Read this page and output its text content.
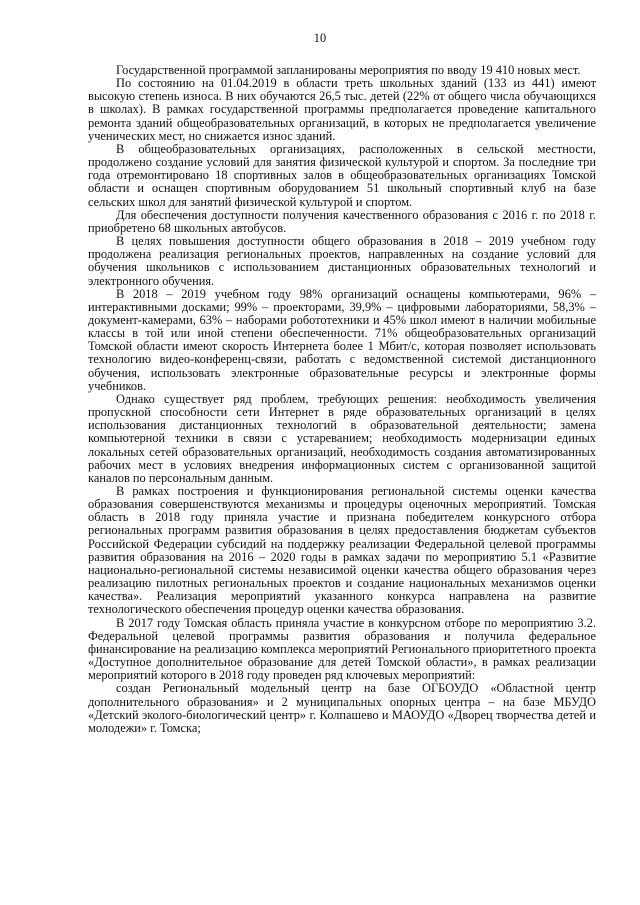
10

Государственной программой запланированы мероприятия по вводу 19 410 новых мест.

По состоянию на 01.04.2019 в области треть школьных зданий (133 из 441) имеют высокую степень износа. В них обучаются 26,5 тыс. детей (22% от общего числа обучающихся в школах). В рамках государственной программы предполагается проведение капитального ремонта зданий общеобразовательных организаций, в которых не предполагается увеличение ученических мест, но снижается износ зданий.

В общеобразовательных организациях, расположенных в сельской местности, продолжено создание условий для занятия физической культурой и спортом. За последние три года отремонтировано 18 спортивных залов в общеобразовательных организациях Томской области и оснащен спортивным оборудованием 51 школьный спортивный клуб на базе сельских школ для занятий физической культурой и спортом.

Для обеспечения доступности получения качественного образования с 2016 г. по 2018 г. приобретено 68 школьных автобусов.

В целях повышения доступности общего образования в 2018 – 2019 учебном году продолжена реализация региональных проектов, направленных на создание условий для обучения школьников с использованием дистанционных образовательных технологий и электронного обучения.

В 2018 – 2019 учебном году 98% организаций оснащены компьютерами, 96% – интерактивными досками; 99% – проекторами, 39,9% – цифровыми лабораториями, 58,3% – документ-камерами, 63% – наборами робототехники и 45% школ имеют в наличии мобильные классы в той или иной степени обеспеченности. 71% общеобразовательных организаций Томской области имеют скорость Интернета более 1 Мбит/с, которая позволяет использовать технологию видео-конференц-связи, работать с ведомственной системой дистанционного обучения, использовать электронные образовательные ресурсы и электронные формы учебников.

Однако существует ряд проблем, требующих решения: необходимость увеличения пропускной способности сети Интернет в ряде образовательных организаций в целях использования дистанционных технологий в образовательной деятельности; замена компьютерной техники в связи с устареванием; необходимость модернизации единых локальных сетей образовательных организаций, необходимость создания автоматизированных рабочих мест в условиях внедрения информационных систем с организованной защитой каналов по персональным данным.

В рамках построения и функционирования региональной системы оценки качества образования совершенствуются механизмы и процедуры оценочных мероприятий. Томская область в 2018 году приняла участие и признана победителем конкурсного отбора региональных программ развития образования в целях предоставления бюджетам субъектов Российской Федерации субсидий на поддержку реализации Федеральной целевой программы развития образования на 2016 – 2020 годы в рамках задачи по мероприятию 5.1 «Развитие национально-региональной системы независимой оценки качества общего образования через реализацию пилотных региональных проектов и создание национальных механизмов оценки качества». Реализация мероприятий указанного конкурса направлена на развитие технологического обеспечения процедур оценки качества образования.

В 2017 году Томская область приняла участие в конкурсном отборе по мероприятию 3.2. Федеральной целевой программы развития образования и получила федеральное финансирование на реализацию комплекса мероприятий Регионального приоритетного проекта «Доступное дополнительное образование для детей Томской области», в рамках реализации мероприятий которого в 2018 году проведен ряд ключевых мероприятий:

создан Региональный модельный центр на базе ОГБОУДО «Областной центр дополнительного образования» и 2 муниципальных опорных центра – на базе МБУДО «Детский эколого-биологический центр» г. Колпашево и МАОУДО «Дворец творчества детей и молодежи» г. Томска;
